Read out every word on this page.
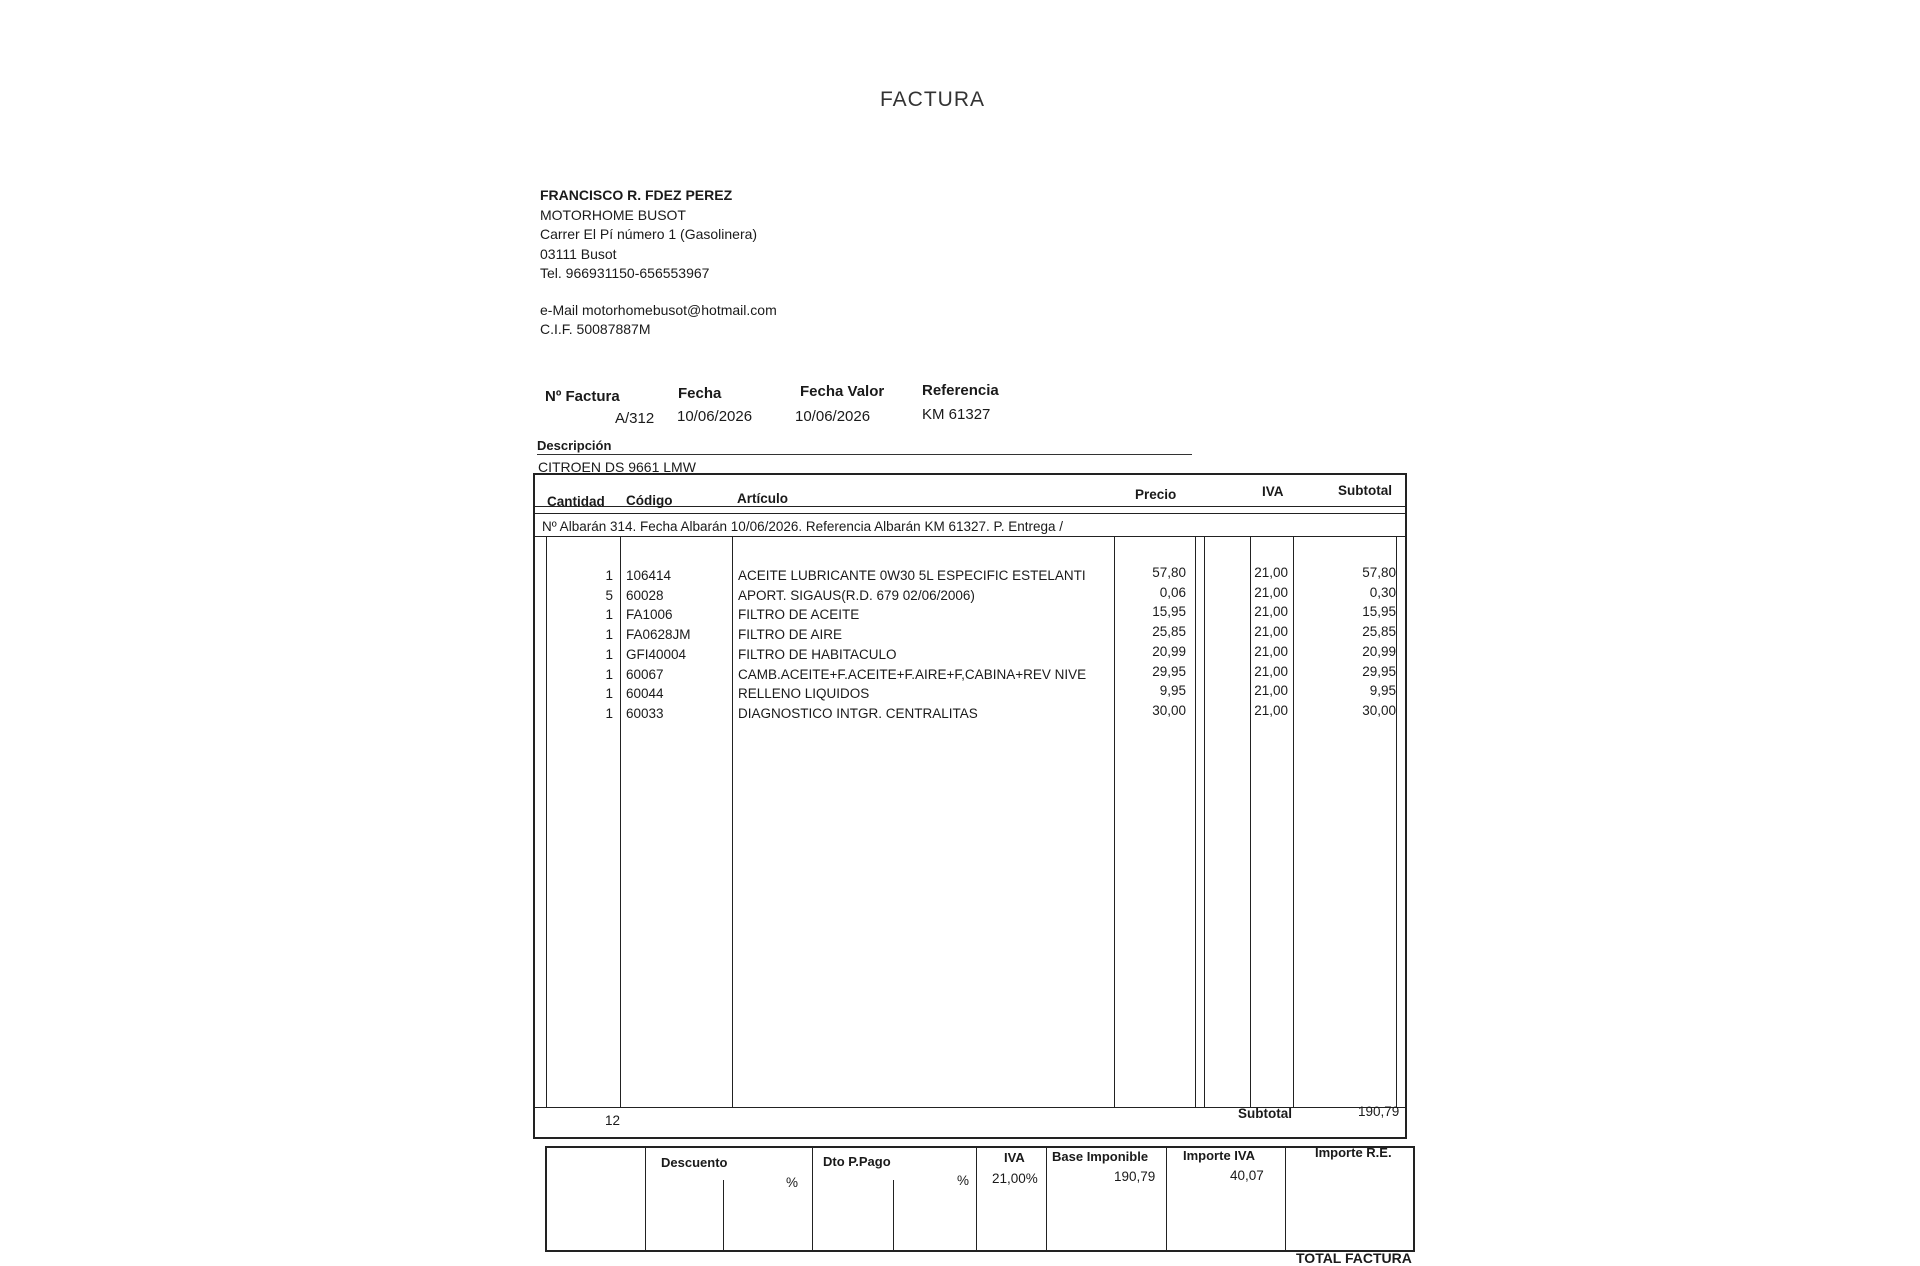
FACTURA
FRANCISCO R. FDEZ PEREZ
MOTORHOME BUSOT
Carrer El Pí número 1 (Gasolinera)
03111 Busot
Tel. 966931150-656553967
e-Mail motorhomebusot@hotmail.com
C.I.F. 50087887M
Nº Factura
A/312
Fecha
10/06/2026
Fecha Valor
10/06/2026
Referencia
KM 61327
Descripción
CITROEN DS 9661 LMW
Cantidad Código	Artículo	Precio	IVA	Subtotal
Nº Albarán 314. Fecha Albarán 10/06/2026. Referencia Albarán KM 61327. P. Entrega /
1 106414	ACEITE LUBRICANTE 0W30 5L ESPECIFIC ESTELANTI	57,80	21,00	57,80
5 60028	APORT. SIGAUS(R.D. 679 02/06/2006)	0,06	21,00	0,30
1 FA1006	FILTRO DE ACEITE	15,95	21,00	15,95
1 FA0628JM	FILTRO DE AIRE	25,85	21,00	25,85
1 GFI40004	FILTRO DE HABITACULO	20,99	21,00	20,99
1 60067	CAMB.ACEITE+F.ACEITE+F.AIRE+F,CABINA+REV NIVE	29,95	21,00	29,95
1 60044	RELLENO LIQUIDOS	9,95	21,00	9,95
1 60033	DIAGNOSTICO INTGR. CENTRALITAS	30,00	21,00	30,00
12	Subtotal	190,79
Descuento
%
Dto P.Pago
%
IVA
21,00%
Base Imponible
190,79
Importe IVA
40,07
Importe R.E.
TOTAL FACTURA
